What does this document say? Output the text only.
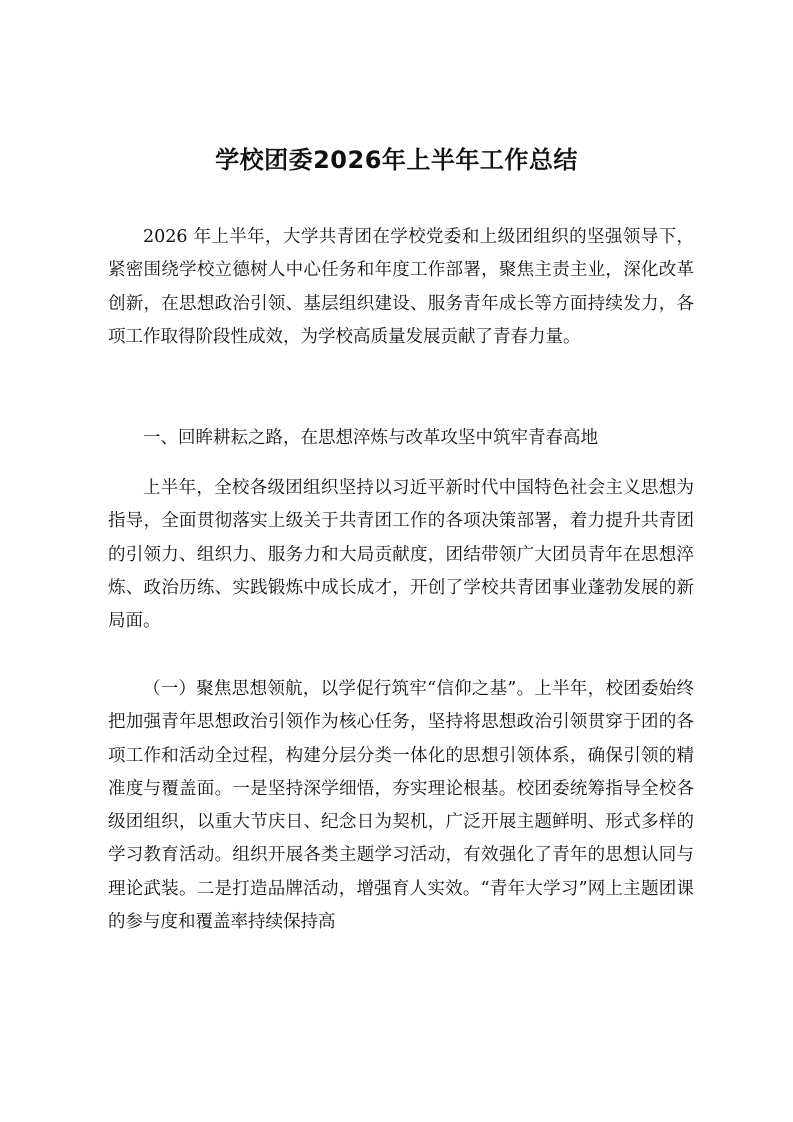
学校团委2026年上半年工作总结

2026 年上半年，大学共青团在学校党委和上级团组织的坚强领导下，紧密围绕学校立德树人中心任务和年度工作部署，聚焦主责主业，深化改革创新，在思想政治引领、基层组织建设、服务青年成长等方面持续发力，各项工作取得阶段性成效，为学校高质量发展贡献了青春力量。

一、回眸耕耘之路，在思想淬炼与改革攻坚中筑牢青春高地

上半年，全校各级团组织坚持以习近平新时代中国特色社会主义思想为指导，全面贯彻落实上级关于共青团工作的各项决策部署，着力提升共青团的引领力、组织力、服务力和大局贡献度，团结带领广大团员青年在思想淬炼、政治历练、实践锻炼中成长成才，开创了学校共青团事业蓬勃发展的新局面。

（一）聚焦思想领航，以学促行筑牢“信仰之基”。上半年，校团委始终把加强青年思想政治引领作为核心任务，坚持将思想政治引领贯穿于团的各项工作和活动全过程，构建分层分类一体化的思想引领体系，确保引领的精准度与覆盖面。一是坚持深学细悟，夯实理论根基。校团委统筹指导全校各级团组织，以重大节庆日、纪念日为契机，广泛开展主题鲜明、形式多样的学习教育活动。组织开展各类主题学习活动，有效强化了青年的思想认同与理论武装。二是打造品牌活动，增强育人实效。“青年大学习”网上主题团课的参与度和覆盖率持续保持高
